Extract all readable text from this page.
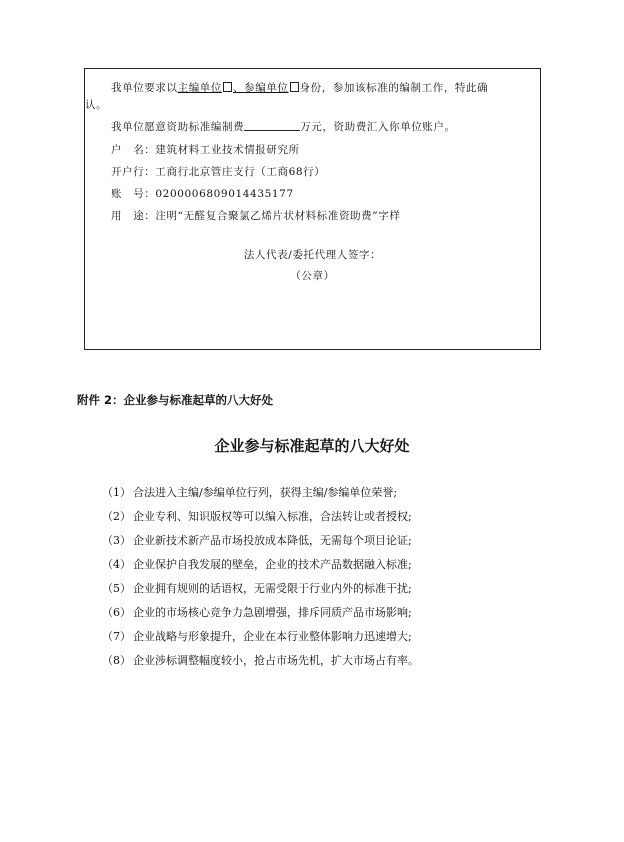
我单位要求以主编单位 、参编单位 身份，参加该标准的编制工作，特此确
认。
我单位愿意资助标准编制费	万元，资助费汇入你单位账户。
户　名：建筑材料工业技术情报研究所
开户行：工商行北京管庄支行（工商68行）
账　号：0200006809014435177
用　途：注明“无醛复合聚氯乙烯片状材料标准资助费”字样
法人代表/委托代理人签字：
（公章）
附件 2：企业参与标准起草的八大好处
企业参与标准起草的八大好处
（1） 合法进入主编/参编单位行列，获得主编/参编单位荣誉;
（2） 企业专利、知识版权等可以编入标准，合法转让或者授权;
（3） 企业新技术新产品市场投放成本降低，无需每个项目论证;
（4） 企业保护自我发展的壁垒，企业的技术产品数据融入标准;
（5） 企业拥有规则的话语权，无需受限于行业内外的标准干扰;
（6） 企业的市场核心竞争力急剧增强，排斥同质产品市场影响;
（7） 企业战略与形象提升，企业在本行业整体影响力迅速增大;
（8） 企业涉标调整幅度较小，抢占市场先机，扩大市场占有率。
